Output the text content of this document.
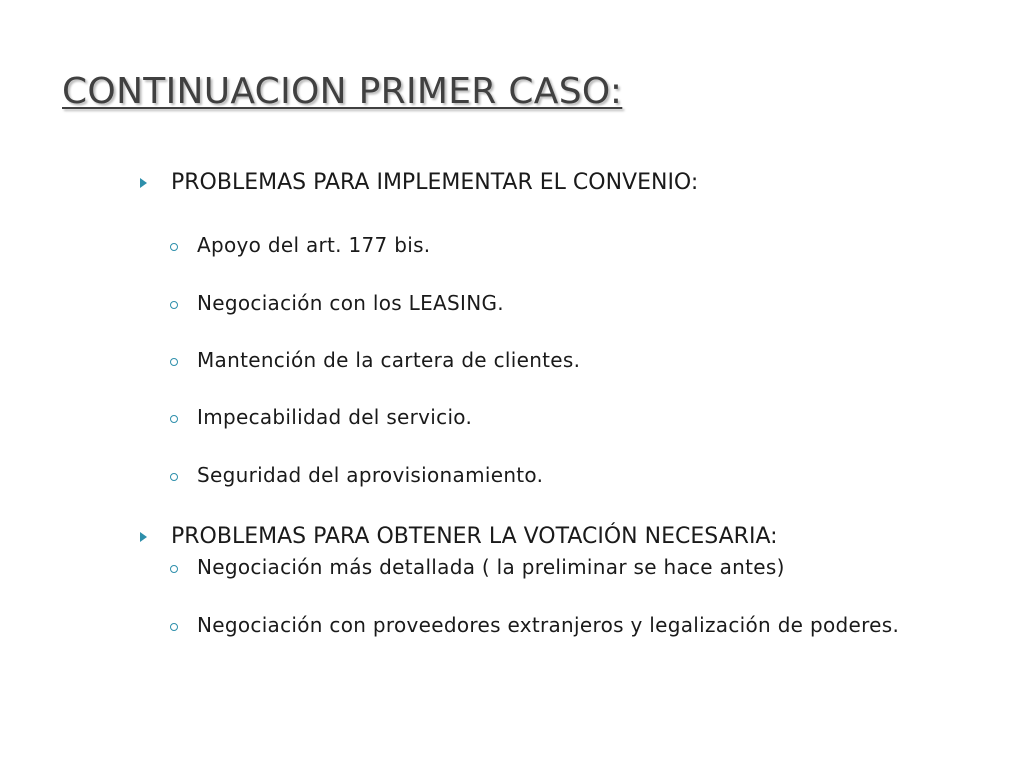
CONTINUACION PRIMER CASO:
PROBLEMAS PARA IMPLEMENTAR EL CONVENIO:
Apoyo del art. 177 bis.
Negociación con los LEASING.
Mantención de la cartera de clientes.
Impecabilidad del servicio.
Seguridad del aprovisionamiento.
PROBLEMAS PARA OBTENER LA VOTACIÓN NECESARIA:
Negociación más detallada ( la preliminar se hace antes)
Negociación con proveedores extranjeros y legalización de poderes.
